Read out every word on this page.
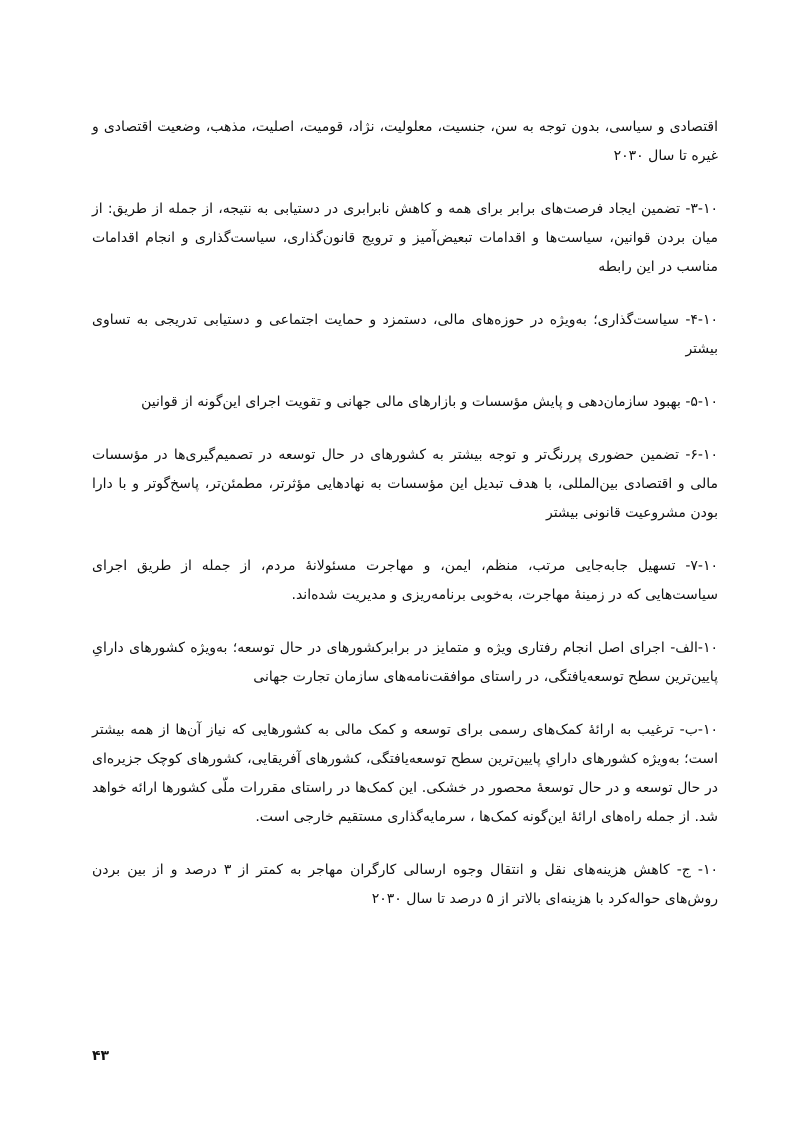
اقتصادی و سیاسی، بدون توجه به سن، جنسیت، معلولیت، نژاد، قومیت، اصلیت، مذهب، وضعیت اقتصادی و غیره تا سال ۲۰۳۰

۳-۱۰- تضمین ایجاد فرصت‌های برابر برای همه و کاهش نابرابری در دستیابی به نتیجه، از جمله از طریق: از میان بردن قوانین، سیاست‌ها و اقدامات تبعیض‌آمیز و ترویج قانون‌گذاری، سیاست‌گذاری و انجام اقدامات مناسب در این رابطه

۴-۱۰- سیاست‌گذاری؛ به‌ویژه در حوزه‌های مالی، دستمزد و حمایت اجتماعی و دستیابی تدریجی به تساوی بیشتر

۵-۱۰- بهبود سازمان‌دهی و پایش مؤسسات و بازارهای مالی جهانی و تقویت اجرای این‌گونه از قوانین

۶-۱۰- تضمین حضوری پررنگ‌تر و توجه بیشتر به کشورهای در حال توسعه در تصمیم‌گیری‌ها در مؤسسات مالی و اقتصادی بین‌المللی، با هدف تبدیل این مؤسسات به نهادهایی مؤثرتر، مطمئن‌تر، پاسخ‌گوتر و با دارا بودن مشروعیت قانونی بیشتر

۷-۱۰- تسهیل جابه‌جایی مرتب، منظم، ایمن، و مهاجرت مسئولانهٔ مردم، از جمله از طریق اجرای سیاست‌هایی که در زمینهٔ مهاجرت، به‌خوبی برنامه‌ریزی و مدیریت شده‌اند.

۱۰-الف- اجرای اصل انجام رفتاری ویژه و متمایز در برابرکشورهای در حال توسعه؛ به‌ویژه کشورهای دارایِ پایین‌ترین سطح توسعه‌یافتگی، در راستای موافقت‌نامه‌های سازمان تجارت جهانی

۱۰-ب- ترغیب به ارائهٔ کمک‌های رسمی برای توسعه و کمک مالی به کشورهایی که نیاز آن‌ها از همه بیشتر است؛ به‌ویژه کشورهای دارایِ پایین‌ترین سطح توسعه‌یافتگی، کشورهای آفریقایی، کشورهای کوچک جزیره‌ای در حال توسعه و در حال توسعهٔ محصور در خشکی. این کمک‌ها در راستای مقررات ملّی کشورها ارائه خواهد شد. از جمله راه‌های ارائهٔ این‌گونه کمک‌ها ، سرمایه‌گذاری مستقیم خارجی است.

۱۰- ج- کاهش هزینه‌های نقل و انتقال وجوه ارسالی کارگران مهاجر به کمتر از ۳ درصد و از بین بردن روش‌های حواله‌کرد با هزینه‌ای بالاتر از ۵ درصد تا سال ۲۰۳۰

۴۳
